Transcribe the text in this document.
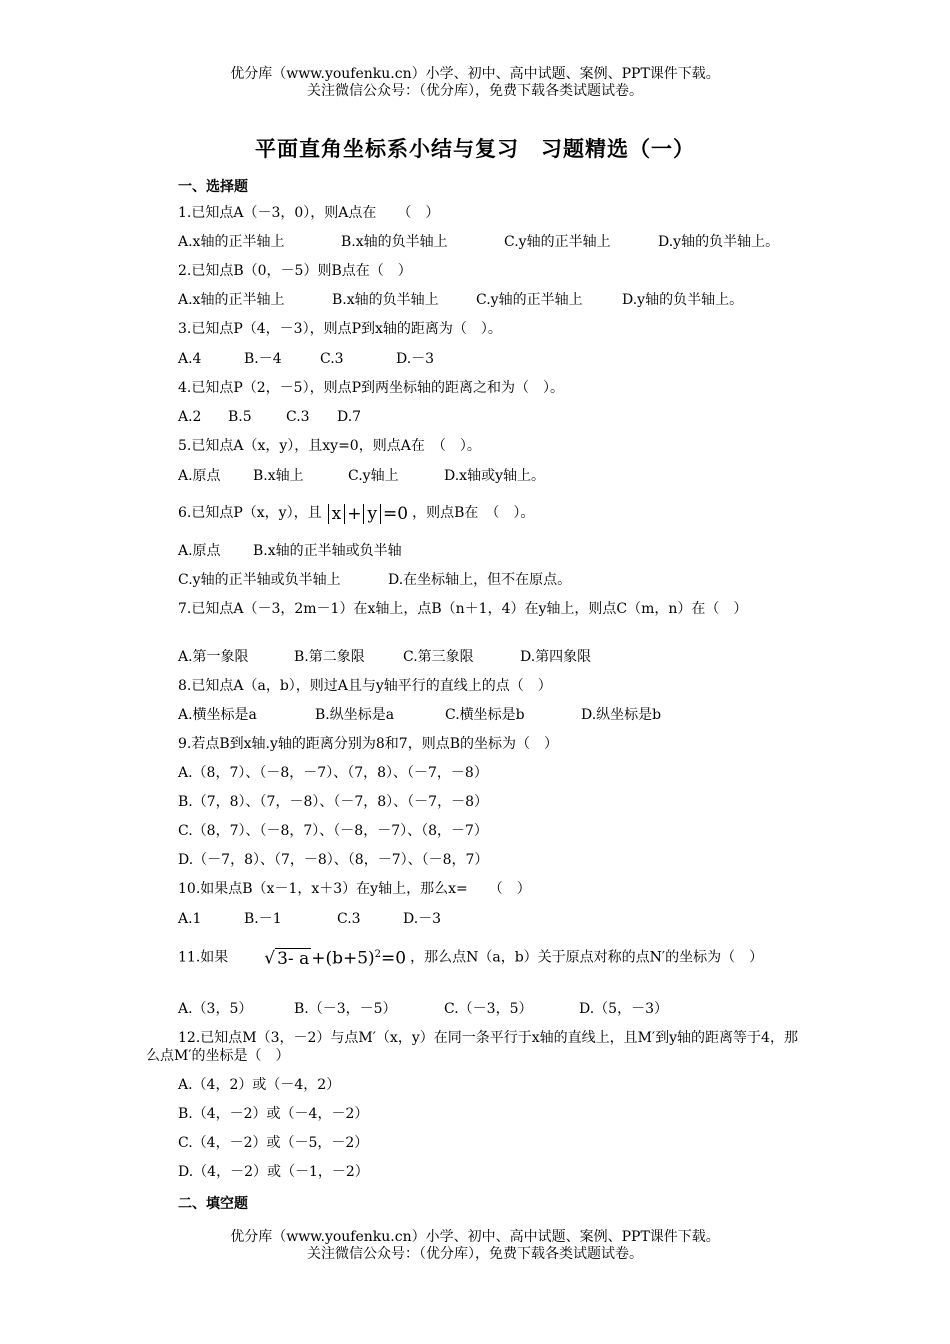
优分库（www.youfenku.cn）小学、初中、高中试题、案例、PPT课件下载。
关注微信公众号：（优分库），免费下载各类试题试卷。
平面直角坐标系小结与复习　习题精选（一）
一、选择题
1.已知点A（－3，0），则A点在　　（　）
A.x轴的正半轴上	B.x轴的负半轴上	C.y轴的正半轴上	D.y轴的负半轴上。
2.已知点B（0，－5）则B点在（　）
A.x轴的正半轴上	B.x轴的负半轴上	C.y轴的正半轴上	D.y轴的负半轴上。
3.已知点P（4，－3），则点P到x轴的距离为（　）。
A.4	B.－4	C.3	D.－3
4.已知点P（2，－5），则点P到两坐标轴的距离之和为（　）。
A.2 B.5 C.3 D.7
5.已知点A（x，y），且xy=0，则点A在　（　）。
A.原点 B.x轴上	C.y轴上	D.x轴或y轴上。
6.已知点P（x，y），且 x + y =0 ，则点B在　（　）。
A.原点 B.x轴的正半轴或负半轴
C.y轴的正半轴或负半轴上	D.在坐标轴上，但不在原点。
7.已知点A（－3，2m－1）在x轴上，点B（n＋1，4）在y轴上，则点C（m，n）在（　）
A.第一象限	B.第二象限	C.第三象限	D.第四象限
8.已知点A（a，b），则过A且与y轴平行的直线上的点（　）
A.横坐标是a	B.纵坐标是a	C.横坐标是b	D.纵坐标是b
9.若点B到x轴.y轴的距离分别为8和7，则点B的坐标为（　）
A.（8，7）、（－8，－7）、（7，8）、（－7，－8）
B.（7，8）、（7，－8）、（－7，8）、（－7，－8）
C.（8，7）、（－8，7）、（－8，－7）、（8，－7）
D.（－7，8）、（7，－8）、（8，－7）、（－8，7）
10.如果点B（x－1，x＋3）在y轴上，那么x=　　（　）
A.1	B.－1	C.3	D.－3
11.如果 √ 3- $a +(b+5)^2=0$ ，那么点N（a，b）关于原点对称的点N′的坐标为（　）
A.（3，5）	B.（－3，－5）	C.（－3，5）	D.（5，－3）
12.已知点M（3，－2）与点M′（x，y）在同一条平行于x轴的直线上，且M′到y轴的距离等于4，那么点M′的坐标是（　）
A.（4，2）或（－4，2）
B.（4，－2）或（－4，－2）
C.（4，－2）或（－5，－2）
D.（4，－2）或（－1，－2）
二、填空题
优分库（www.youfenku.cn）小学、初中、高中试题、案例、PPT课件下载。
关注微信公众号：（优分库），免费下载各类试题试卷。
